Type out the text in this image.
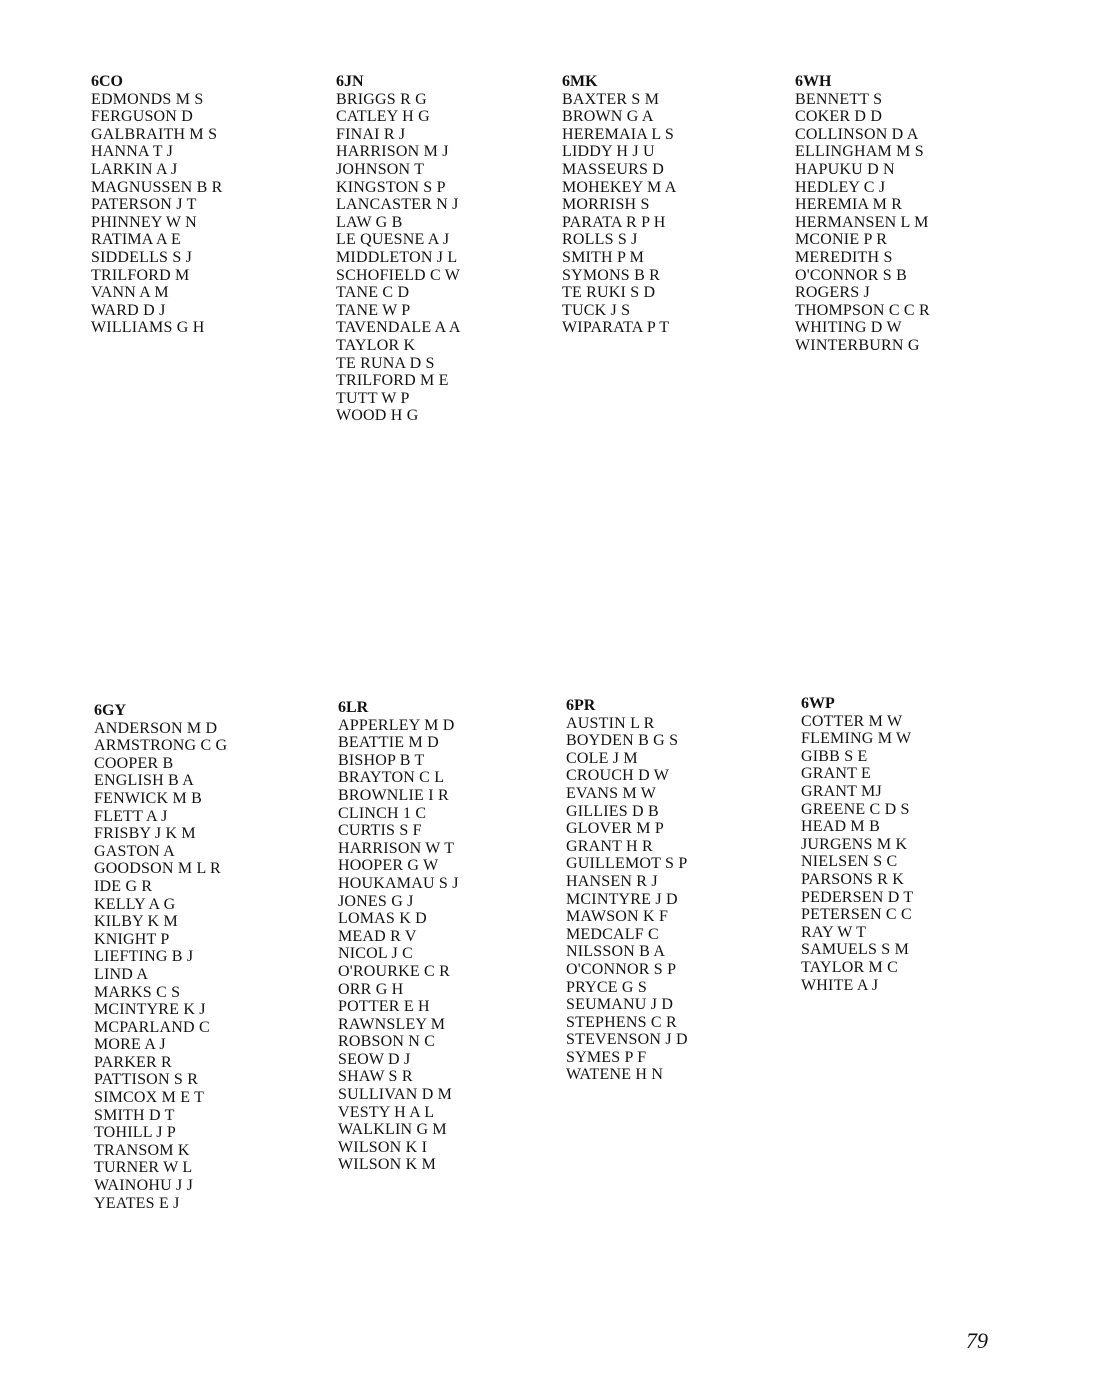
6CO
EDMONDS M S
FERGUSON D
GALBRAITH M S
HANNA T J
LARKIN A J
MAGNUSSEN B R
PATERSON J T
PHINNEY W N
RATIMA A E
SIDDELLS S J
TRILFORD M
VANN A M
WARD D J
WILLIAMS G H
6JN
BRIGGS R G
CATLEY H G
FINAI R J
HARRISON M J
JOHNSON T
KINGSTON S P
LANCASTER N J
LAW G B
LE QUESNE A J
MIDDLETON J L
SCHOFIELD C W
TANE C D
TANE W P
TAVENDALE A A
TAYLOR K
TE RUNA D S
TRILFORD M E
TUTT W P
WOOD H G
6MK
BAXTER S M
BROWN G A
HEREMAIA L S
LIDDY H J U
MASSEURS D
MOHEKEY M A
MORRISH S
PARATA R P H
ROLLS S J
SMITH P M
SYMONS B R
TE RUKI S D
TUCK J S
WIPARATA P T
6WH
BENNETT S
COKER D D
COLLINSON D A
ELLINGHAM M S
HAPUKU D N
HEDLEY C J
HEREMIA M R
HERMANSEN L M
MCONIE P R
MEREDITH S
O'CONNOR S B
ROGERS J
THOMPSON C C R
WHITING D W
WINTERBURN G
6GY
ANDERSON M D
ARMSTRONG C G
COOPER B
ENGLISH B A
FENWICK M B
FLETT A J
FRISBY J K M
GASTON A
GOODSON M L R
IDE G R
KELLY A G
KILBY K M
KNIGHT P
LIEFTING B J
LIND A
MARKS C S
MCINTYRE K J
MCPARLAND C
MORE A J
PARKER R
PATTISON S R
SIMCOX M E T
SMITH D T
TOHILL J P
TRANSOM K
TURNER W L
WAINOHU J J
YEATES E J
6LR
APPERLEY M D
BEATTIE M D
BISHOP B T
BRAYTON C L
BROWNLIE I R
CLINCH 1 C
CURTIS S F
HARRISON W T
HOOPER G W
HOUKAMAU S J
JONES G J
LOMAS K D
MEAD R V
NICOL J C
O'ROURKE C R
ORR G H
POTTER E H
RAWNSLEY M
ROBSON N C
SEOW D J
SHAW S R
SULLIVAN D M
VESTY H A L
WALKLIN G M
WILSON K I
WILSON K M
6PR
AUSTIN L R
BOYDEN B G S
COLE J M
CROUCH D W
EVANS M W
GILLIES D B
GLOVER M P
GRANT H R
GUILLEMOT S P
HANSEN R J
MCINTYRE J D
MAWSON K F
MEDCALF C
NILSSON B A
O'CONNOR S P
PRYCE G S
SEUMANU J D
STEPHENS C R
STEVENSON J D
SYMES P F
WATENE H N
6WP
COTTER M W
FLEMING M W
GIBB S E
GRANT E
GRANT MJ
GREENE C D S
HEAD M B
JURGENS M K
NIELSEN S C
PARSONS R K
PEDERSEN D T
PETERSEN C C
RAY W T
SAMUELS S M
TAYLOR M C
WHITE A J
79
